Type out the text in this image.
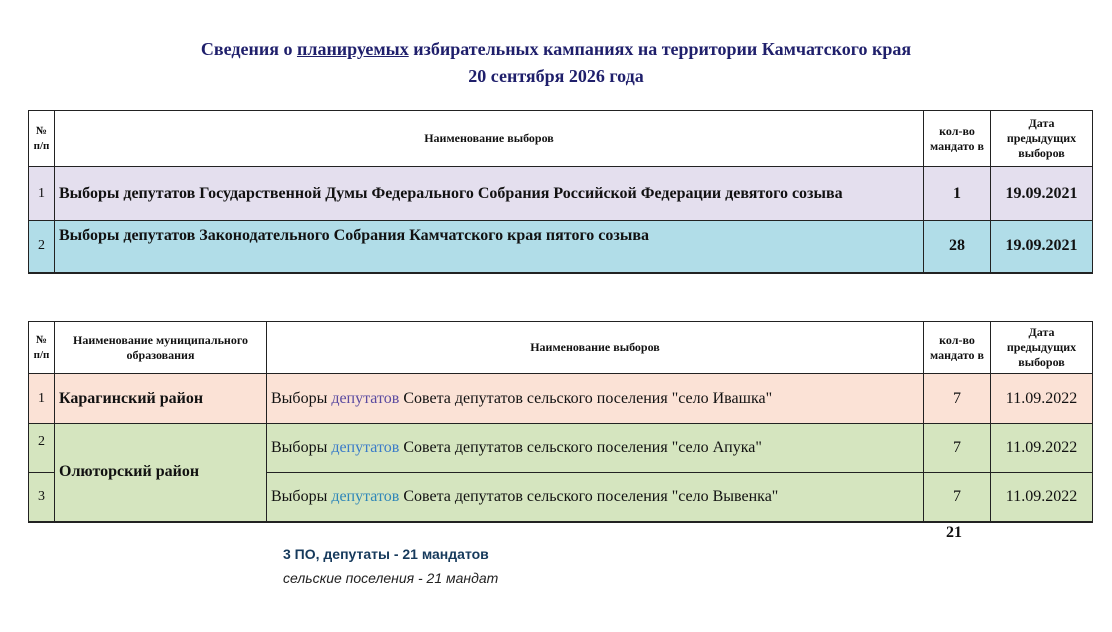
Сведения о планируемых избирательных кампаниях на территории Камчатского края
20 сентября 2026 года
№ п/п	Наименование выборов	кол-во мандато в	Дата предыдущих выборов
1	Выборы депутатов Государственной Думы Федерального Собрания Российской Федерации девятого созыва	1	19.09.2021
2	Выборы депутатов Законодательного Собрания Камчатского края пятого созыва	28	19.09.2021
№ п/п	Наименование муниципального образования	Наименование выборов	кол-во мандато в	Дата предыдущих выборов
1	Карагинский район	Выборы депутатов Совета депутатов сельского поселения "село Ивашка"	7	11.09.2022
2	Олюторский район	Выборы депутатов Совета депутатов сельского поселения "село Апука"	7	11.09.2022
3		Выборы депутатов Совета депутатов сельского поселения "село Вывенка"	7	11.09.2022
21
3 ПО, депутаты - 21 мандатов
сельские поселения - 21 мандат
